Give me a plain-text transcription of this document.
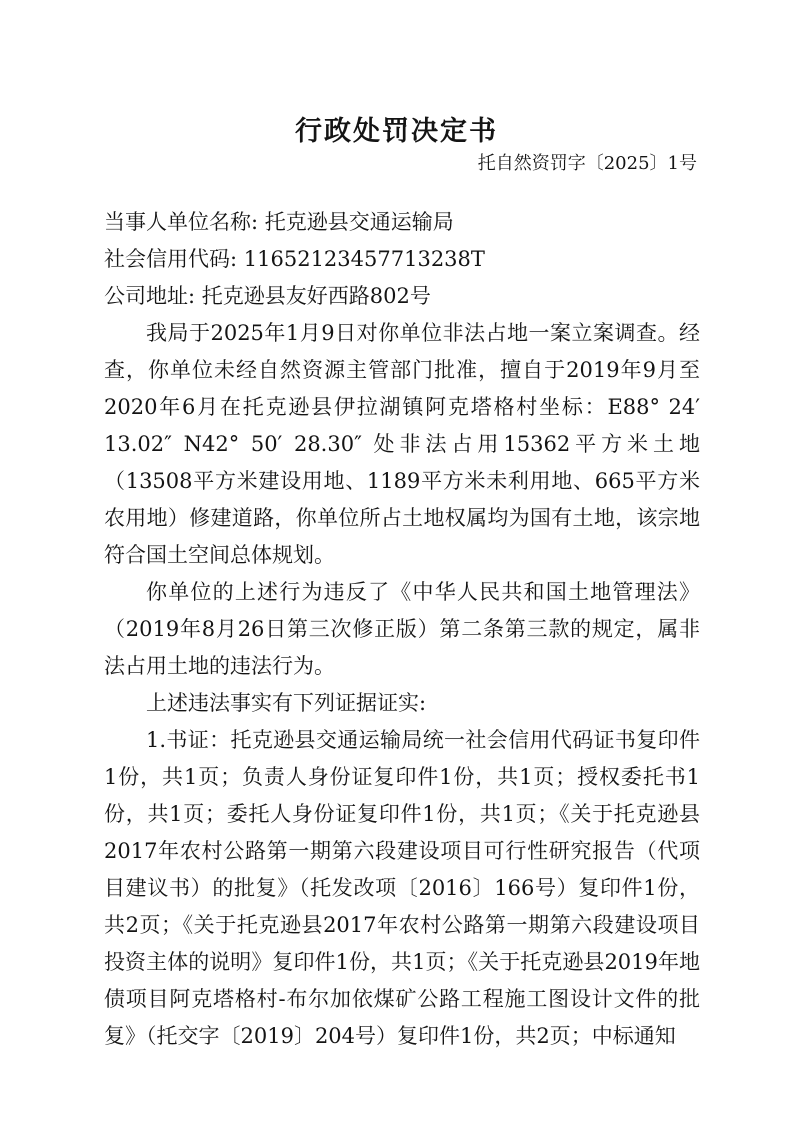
行政处罚决定书
托自然资罚字〔2025〕1号

当事人单位名称: 托克逊县交通运输局

社会信用代码: 11652123457713238T

公司地址: 托克逊县友好西路802号

我局于2025年1月9日对你单位非法占地一案立案调查。经查，你单位未经自然资源主管部门批准，擅自于2019年9月至2020年6月在托克逊县伊拉湖镇阿克塔格村坐标：E88° 24′ 13.02″ N42° 50′ 28.30″ 处非法占用15362平方米土地（13508平方米建设用地、1189平方米未利用地、665平方米农用地）修建道路，你单位所占土地权属均为国有土地，该宗地符合国土空间总体规划。

你单位的上述行为违反了《中华人民共和国土地管理法》（2019年8月26日第三次修正版）第二条第三款的规定，属非法占用土地的违法行为。

上述违法事实有下列证据证实:

1.书证：托克逊县交通运输局统一社会信用代码证书复印件1份，共1页；负责人身份证复印件1份，共1页；授权委托书1份，共1页；委托人身份证复印件1份，共1页；《关于托克逊县2017年农村公路第一期第六段建设项目可行性研究报告（代项目建议书）的批复》（托发改项〔2016〕166号）复印件1份，共2页；《关于托克逊县2017年农村公路第一期第六段建设项目投资主体的说明》复印件1份，共1页；《关于托克逊县2019年地债项目阿克塔格村-布尔加依煤矿公路工程施工图设计文件的批复》（托交字〔2019〕204号）复印件1份，共2页；中标通知
